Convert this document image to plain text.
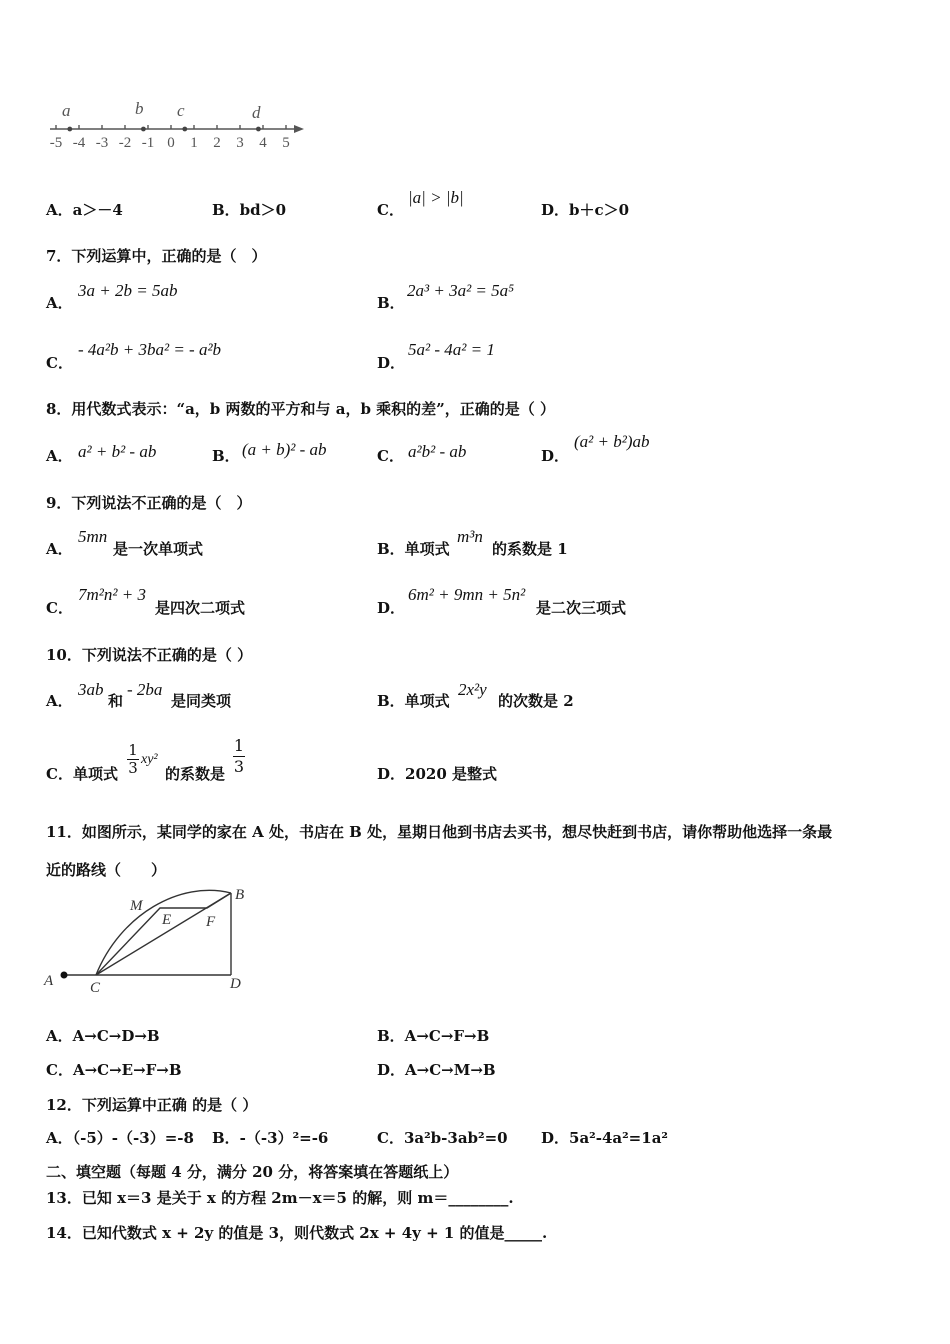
-5 -4 -3 -2 -1 0 1 2 3 4 5
a	b c	d
A．a＞－4	B．bd＞0	C．
|a| > |b|
D．b＋c＞0
7．下列运算中，正确的是（　）
A．
3a + 2b = 5ab
B．
2a³ + 3a² = 5a⁵
C．
- 4a²b + 3ba² = - a²b
D．
5a² - 4a² = 1
8．用代数式表示：“a，b 两数的平方和与 a，b 乘积的差”，正确的是（ ）
A． a² + b² - ab	B． (a + b)² - ab	C． a²b² - ab	D．
(a² + b²)ab
9．下列说法不正确的是（　）
A．
5mn
是一次单项式	B．单项式
m³n
的系数是 1
C．
7m²n² + 3
是四次二项式	D．
6m² + 9mn + 5n²
是二次三项式
10．下列说法不正确的是（ ）
A．
3ab
和
- 2ba
是同类项	B．单项式
2x²y
的次数是 2
C．单项式 $\frac{1}{3} xy^2$
的系数是 $\frac{1}{3}$	D．2020 是整式
11．如图所示，某同学的家在 A 处，书店在 B 处，星期日他到书店去买书，想尽快赶到书店，请你帮助他选择一条最
近的路线（　　）
M
E F
B
A C	D
A．A→C→D→B	B．A→C→F→B
C．A→C→E→F→B	D．A→C→M→B
12．下列运算中正确 的是（ ）
A．（-5）-（-3）=-8 B．-（-3）²=-6	C．3a²b-3ab²=0 D．5a²-4a²=1a²
二、填空题（每题 4 分，满分 20 分，将答案填在答题纸上）
13．已知 x＝3 是关于 x 的方程 2m－x＝5 的解，则 m＝________.
14．已知代数式 x + 2y 的值是 3，则代数式 2x + 4y + 1 的值是_____.
